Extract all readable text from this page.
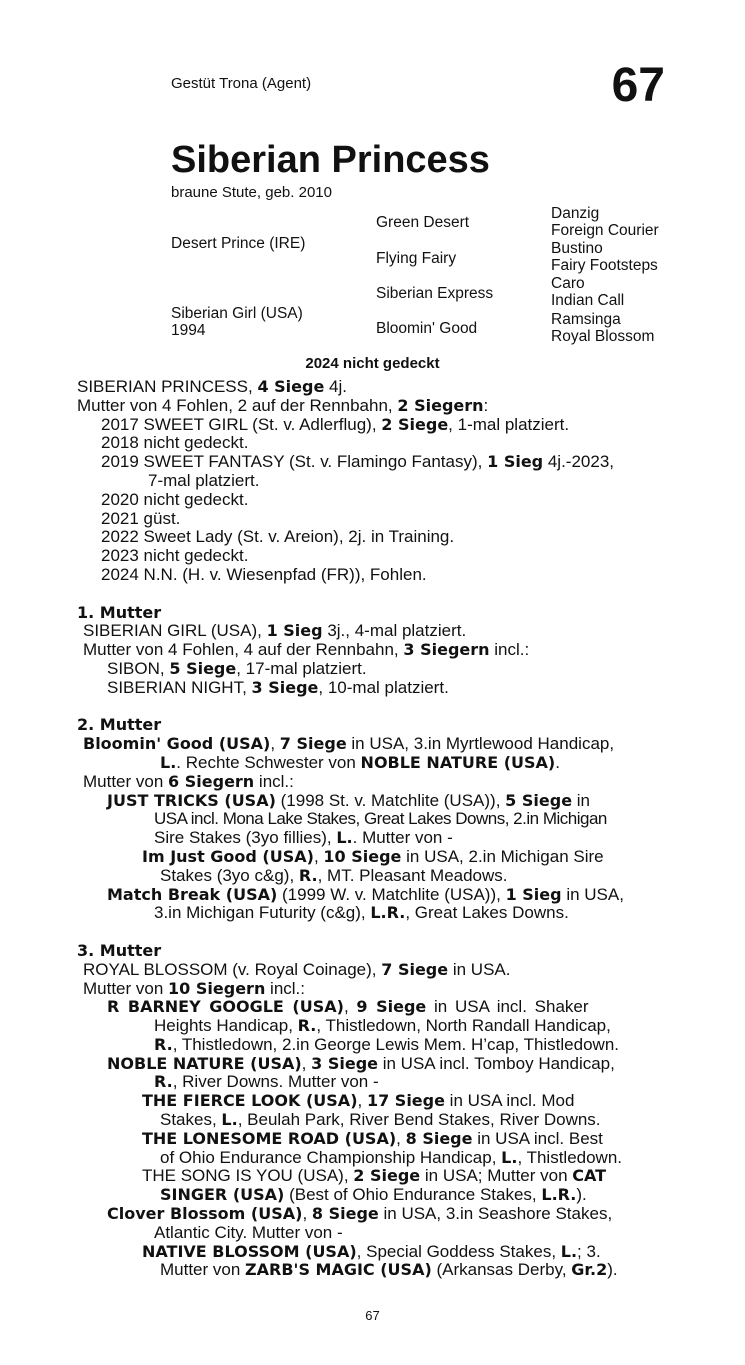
Gestüt Trona (Agent)	67
Siberian Princess
braune Stute, geb. 2010
Desert Prince (IRE)
Siberian Girl (USA)
1994
Green Desert
Flying Fairy
Siberian Express
Bloomin' Good
Danzig
Foreign Courier
Bustino
Fairy Footsteps
Caro
Indian Call
Ramsinga
Royal Blossom
2024 nicht gedeckt
SIBERIAN PRINCESS, 4 Siege 4j.
Mutter von 4 Fohlen, 2 auf der Rennbahn, 2 Siegern:
2017 SWEET GIRL (St. v. Adlerflug), 2 Siege, 1-mal platziert.
2018 nicht gedeckt.
2019 SWEET FANTASY (St. v. Flamingo Fantasy), 1 Sieg 4j.-2023,
7-mal platziert.
2020 nicht gedeckt.
2021 güst.
2022 Sweet Lady (St. v. Areion), 2j. in Training.
2023 nicht gedeckt.
2024 N.N. (H. v. Wiesenpfad (FR)), Fohlen.
1. Mutter
SIBERIAN GIRL (USA), 1 Sieg 3j., 4-mal platziert.
Mutter von 4 Fohlen, 4 auf der Rennbahn, 3 Siegern incl.:
SIBON, 5 Siege, 17-mal platziert.
SIBERIAN NIGHT, 3 Siege, 10-mal platziert.
2. Mutter
Bloomin' Good (USA), 7 Siege in USA, 3.in Myrtlewood Handicap,
L.. Rechte Schwester von NOBLE NATURE (USA).
Mutter von 6 Siegern incl.:
JUST TRICKS (USA) (1998 St. v. Matchlite (USA)), 5 Siege in
USA incl. Mona Lake Stakes, Great Lakes Downs, 2.in Michigan
Sire Stakes (3yo fillies), L.. Mutter von -
Im Just Good (USA), 10 Siege in USA, 2.in Michigan Sire
Stakes (3yo c&g), R., MT. Pleasant Meadows.
Match Break (USA) (1999 W. v. Matchlite (USA)), 1 Sieg in USA,
3.in Michigan Futurity (c&g), L.R., Great Lakes Downs.
3. Mutter
ROYAL BLOSSOM (v. Royal Coinage), 7 Siege in USA.
Mutter von 10 Siegern incl.:
R BARNEY GOOGLE (USA), 9 Siege in USA incl. Shaker
Heights Handicap, R., Thistledown, North Randall Handicap,
R., Thistledown, 2.in George Lewis Mem. H’cap, Thistledown.
NOBLE NATURE (USA), 3 Siege in USA incl. Tomboy Handicap,
R., River Downs. Mutter von -
THE FIERCE LOOK (USA), 17 Siege in USA incl. Mod
Stakes, L., Beulah Park, River Bend Stakes, River Downs.
THE LONESOME ROAD (USA), 8 Siege in USA incl. Best
of Ohio Endurance Championship Handicap, L., Thistledown.
THE SONG IS YOU (USA), 2 Siege in USA; Mutter von CAT
SINGER (USA) (Best of Ohio Endurance Stakes, L.R.).
Clover Blossom (USA), 8 Siege in USA, 3.in Seashore Stakes,
Atlantic City. Mutter von -
NATIVE BLOSSOM (USA), Special Goddess Stakes, L.; 3.
Mutter von ZARB'S MAGIC (USA) (Arkansas Derby, Gr.2).
67
